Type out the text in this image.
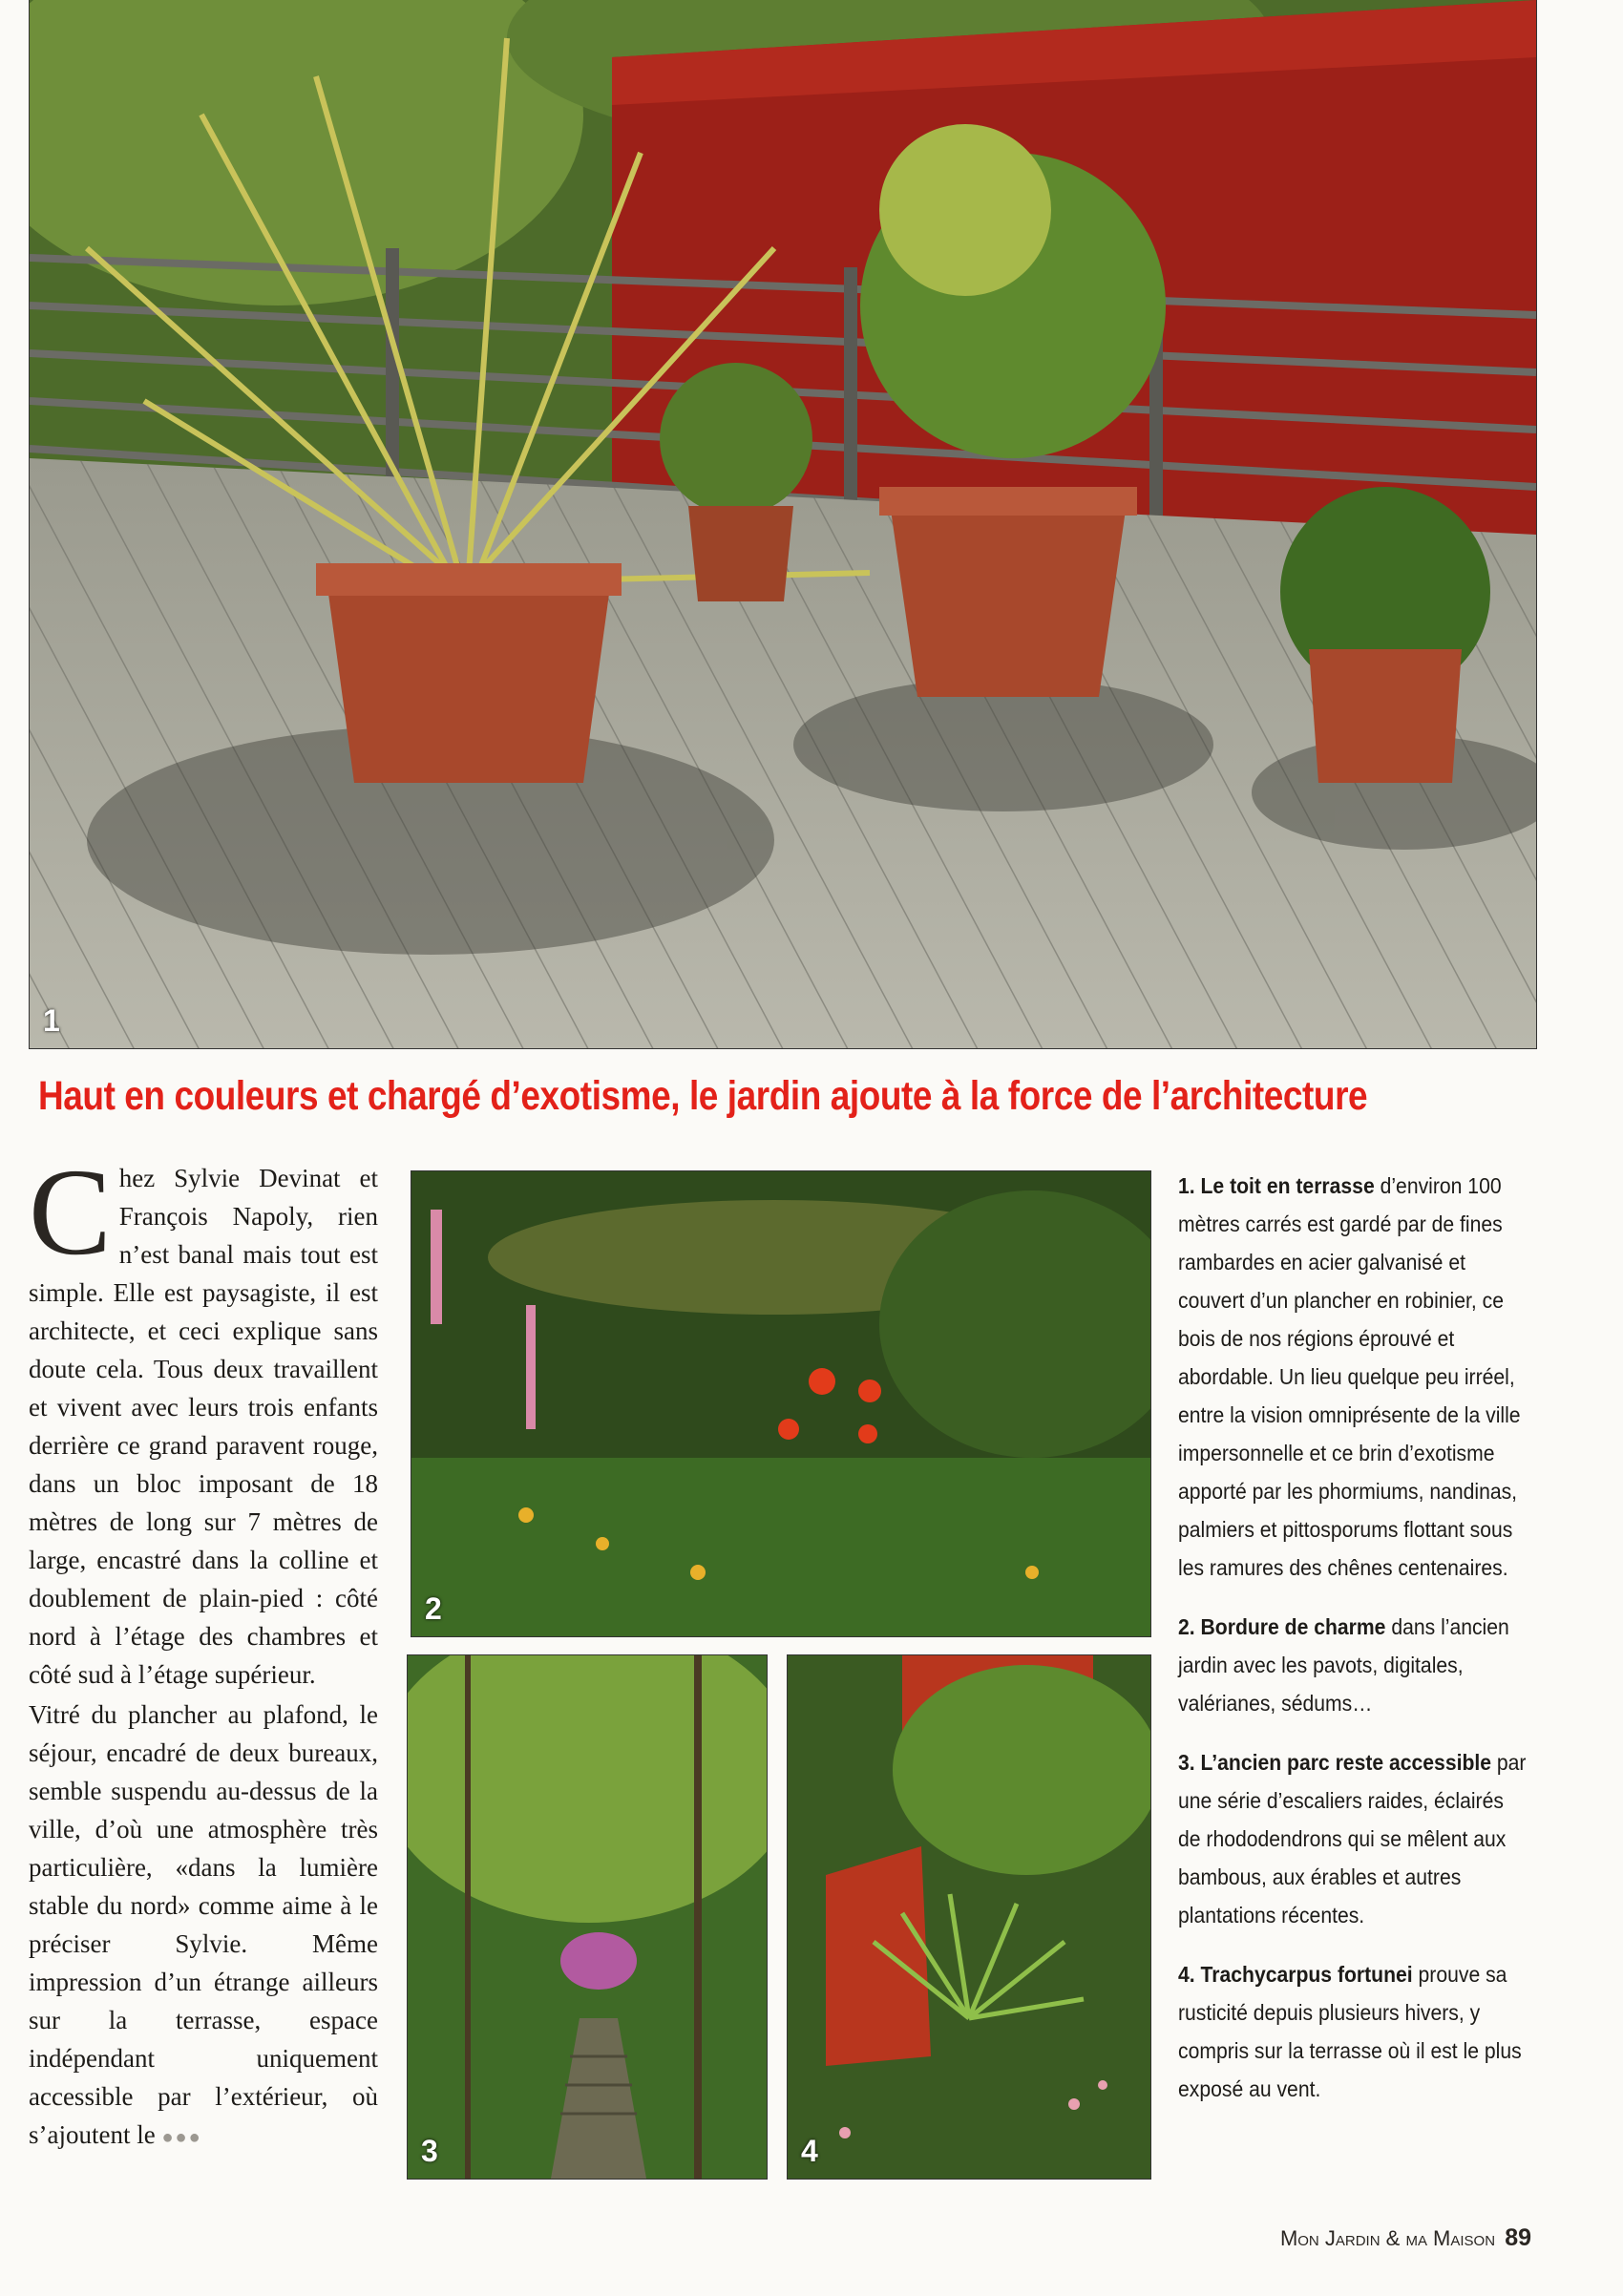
1
Haut en couleurs et chargé d’exotisme, le jardin ajoute à la force de l’architecture

Chez Sylvie Devinat et François Napoly, rien n’est banal mais tout est simple. Elle est paysagiste, il est architecte, et ceci explique sans doute cela. Tous deux travaillent et vivent avec leurs trois enfants derrière ce grand paravent rouge, dans un bloc imposant de 18 mètres de long sur 7 mètres de large, encastré dans la colline et doublement de plain-pied : côté nord à l’étage des chambres et côté sud à l’étage supérieur.

Vitré du plancher au plafond, le séjour, encadré de deux bureaux, semble suspendu au-dessus de la ville, d’où une atmosphère très particulière, «dans la lumière stable du nord» comme aime à le préciser Sylvie. Même impression d’un étrange ailleurs sur la terrasse, espace indépendant uniquement accessible par l’extérieur, où s’ajoutent le ●●●

2
3	4

1. Le toit en terrasse d’environ 100 mètres carrés est gardé par de fines rambardes en acier galvanisé et couvert d’un plancher en robinier, ce bois de nos régions éprouvé et abordable. Un lieu quelque peu irréel, entre la vision omniprésente de la ville impersonnelle et ce brin d’exotisme apporté par les phormiums, nandinas, palmiers et pittosporums flottant sous les ramures des chênes centenaires.

2. Bordure de charme dans l’ancien jardin avec les pavots, digitales, valérianes, sédums…

3. L’ancien parc reste accessible par une série d’escaliers raides, éclairés de rhododendrons qui se mêlent aux bambous, aux érables et autres plantations récentes.

4. Trachycarpus fortunei prouve sa rusticité depuis plusieurs hivers, y compris sur la terrasse où il est le plus exposé au vent.

Mon Jardin & ma Maison 89
